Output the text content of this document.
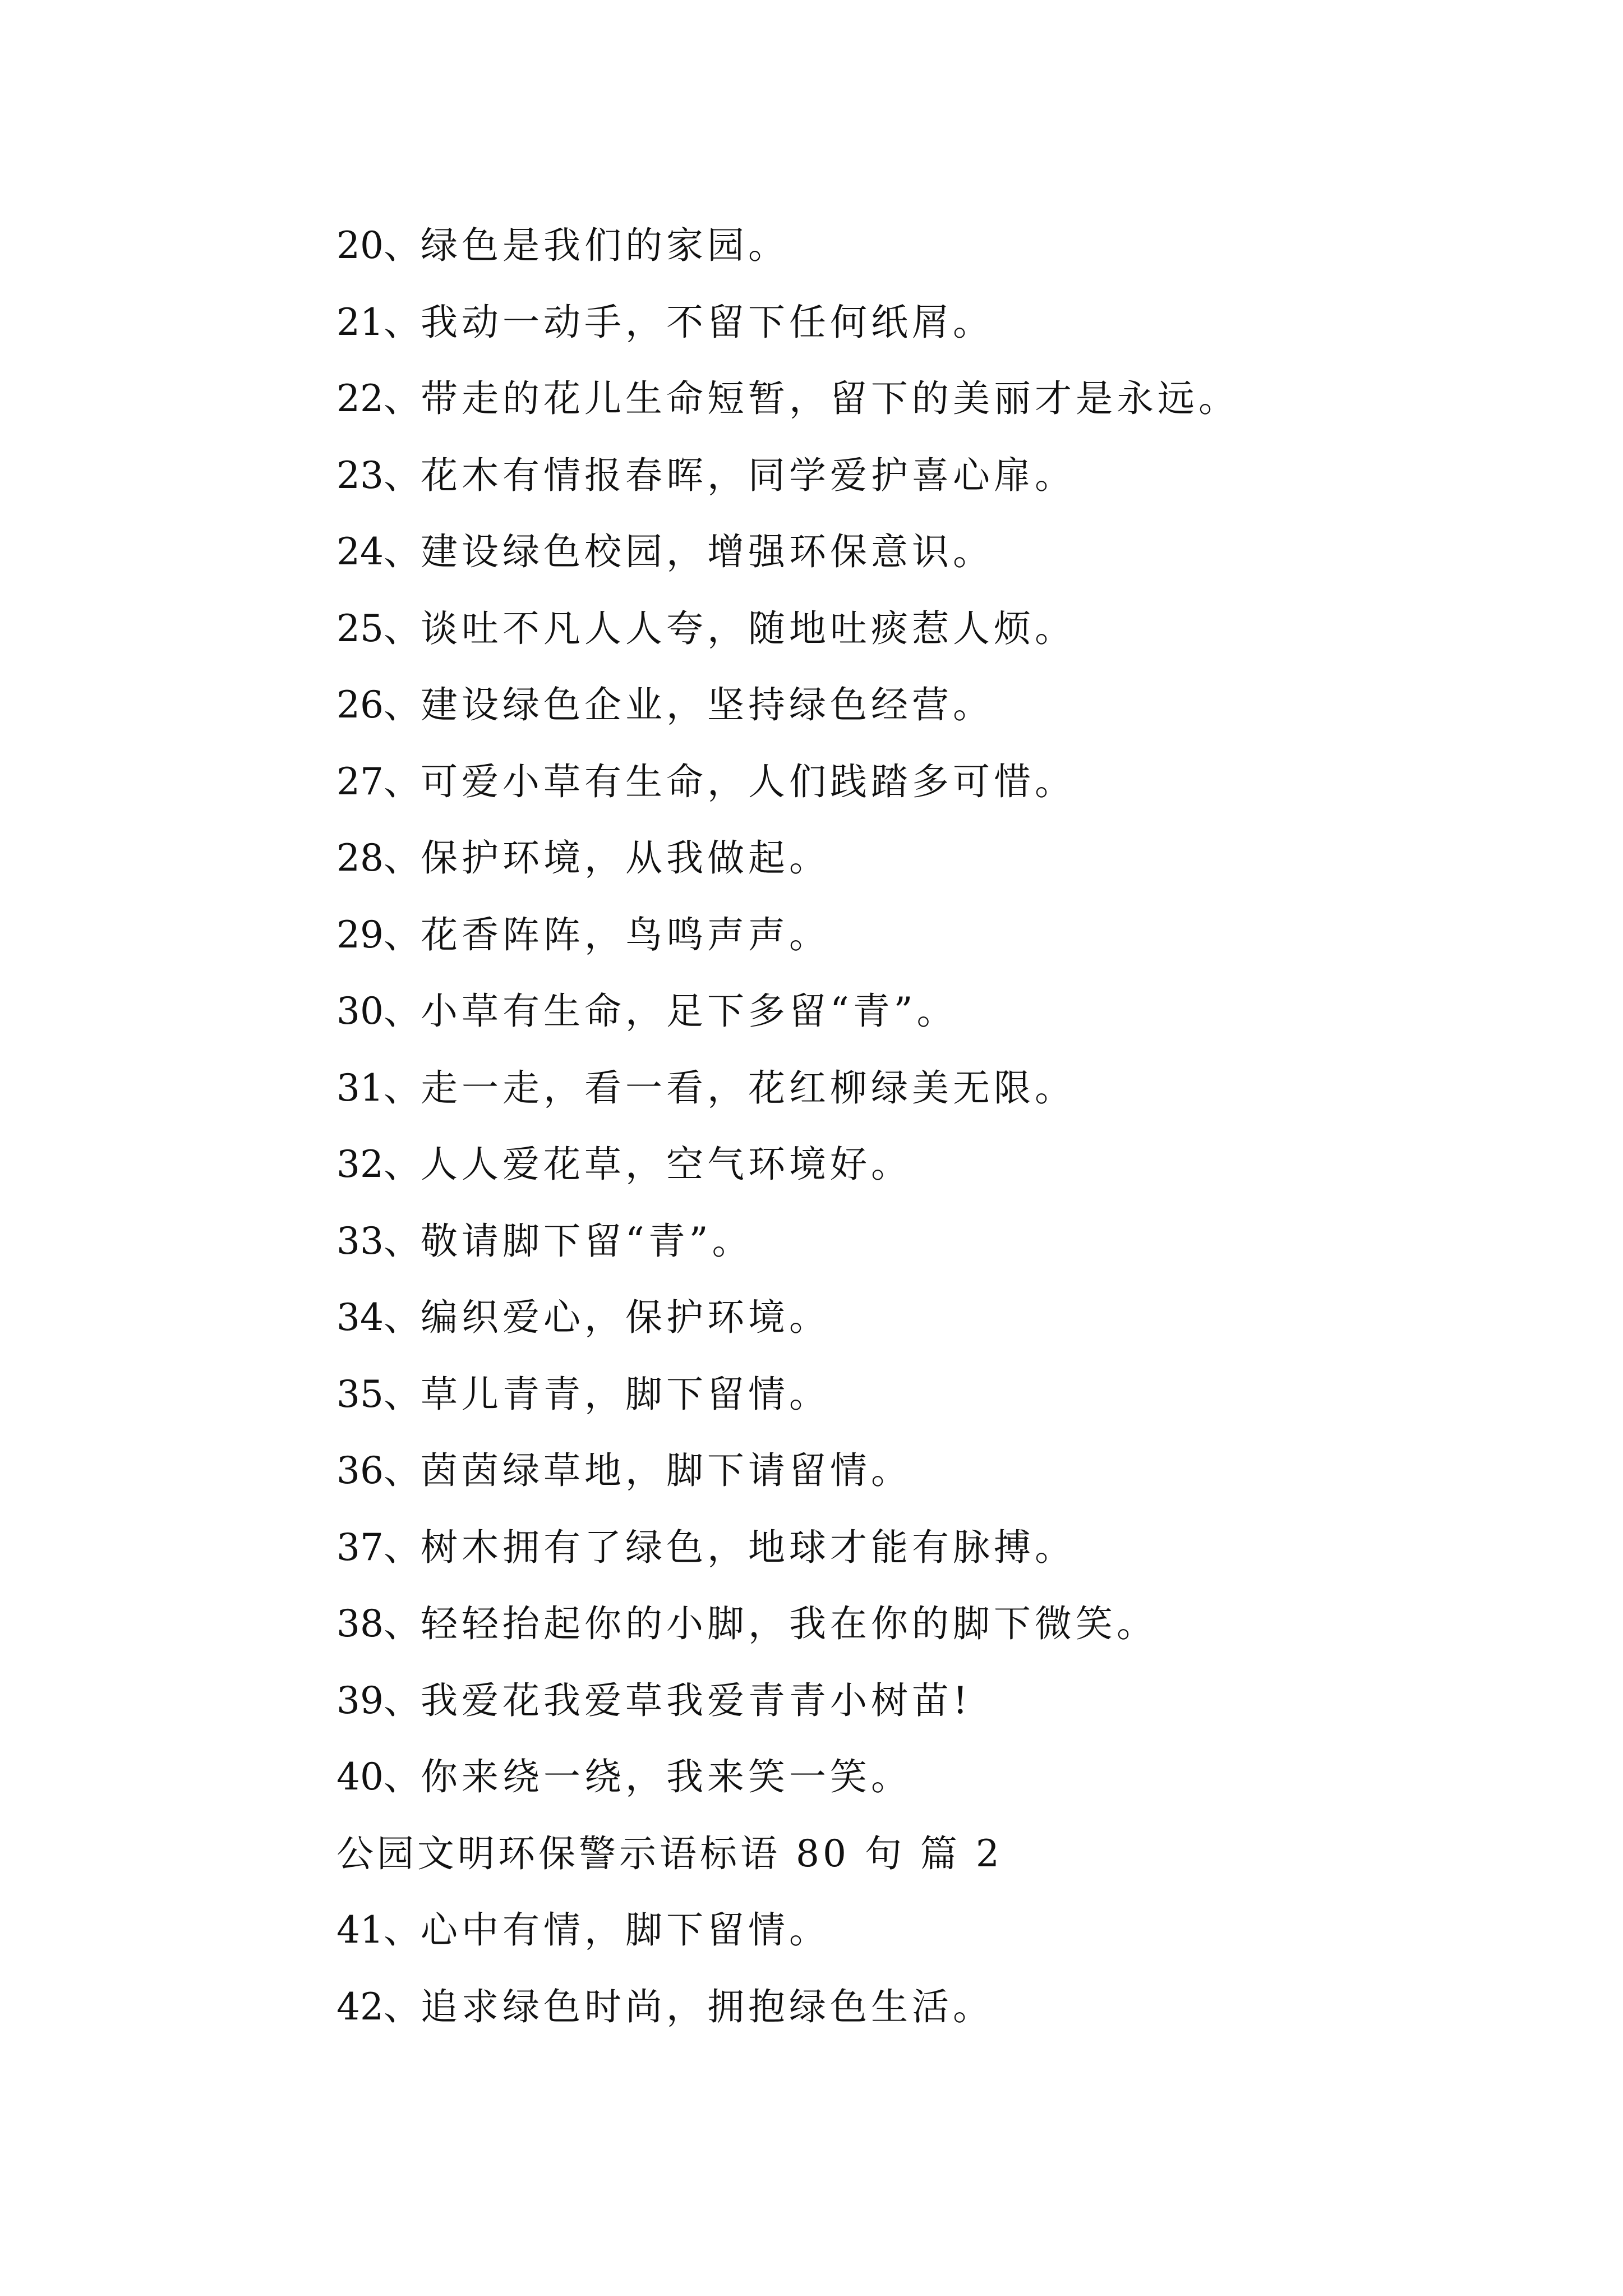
20、绿色是我们的家园。
21、我动一动手，不留下任何纸屑。
22、带走的花儿生命短暂，留下的美丽才是永远。
23、花木有情报春晖，同学爱护喜心扉。
24、建设绿色校园，增强环保意识。
25、谈吐不凡人人夸，随地吐痰惹人烦。
26、建设绿色企业，坚持绿色经营。
27、可爱小草有生命，人们践踏多可惜。
28、保护环境，从我做起。
29、花香阵阵，鸟鸣声声。
30、小草有生命，足下多留“青”。
31、走一走，看一看，花红柳绿美无限。
32、人人爱花草，空气环境好。
33、敬请脚下留“青”。
34、编织爱心，保护环境。
35、草儿青青，脚下留情。
36、茵茵绿草地，脚下请留情。
37、树木拥有了绿色，地球才能有脉搏。
38、轻轻抬起你的小脚，我在你的脚下微笑。
39、我爱花我爱草我爱青青小树苗!
40、你来绕一绕，我来笑一笑。
公园文明环保警示语标语 80 句 篇 2
41、心中有情，脚下留情。
42、追求绿色时尚，拥抱绿色生活。
